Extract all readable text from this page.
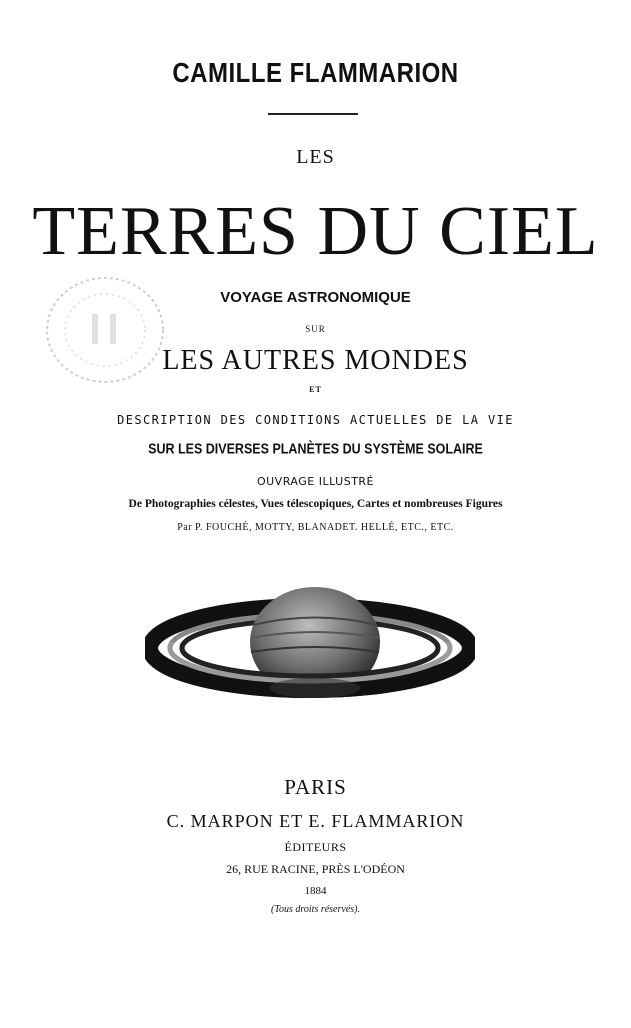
CAMILLE FLAMMARION
LES
TERRES DU CIEL
VOYAGE ASTRONOMIQUE
SUR
LES AUTRES MONDES
ET
DESCRIPTION DES CONDITIONS ACTUELLES DE LA VIE
SUR LES DIVERSES PLANÈTES DU SYSTÈME SOLAIRE
OUVRAGE ILLUSTRÉ
De Photographies célestes, Vues télescopiques, Cartes et nombreuses Figures
Par P. FOUCHÉ, MOTTY, BLANADET. HELLÉ, ETC., ETC.
PARIS
C. MARPON ET E. FLAMMARION
ÉDITEURS
26, RUE RACINE, PRÈS L'ODÉON
1884
(Tous droits réservés).
